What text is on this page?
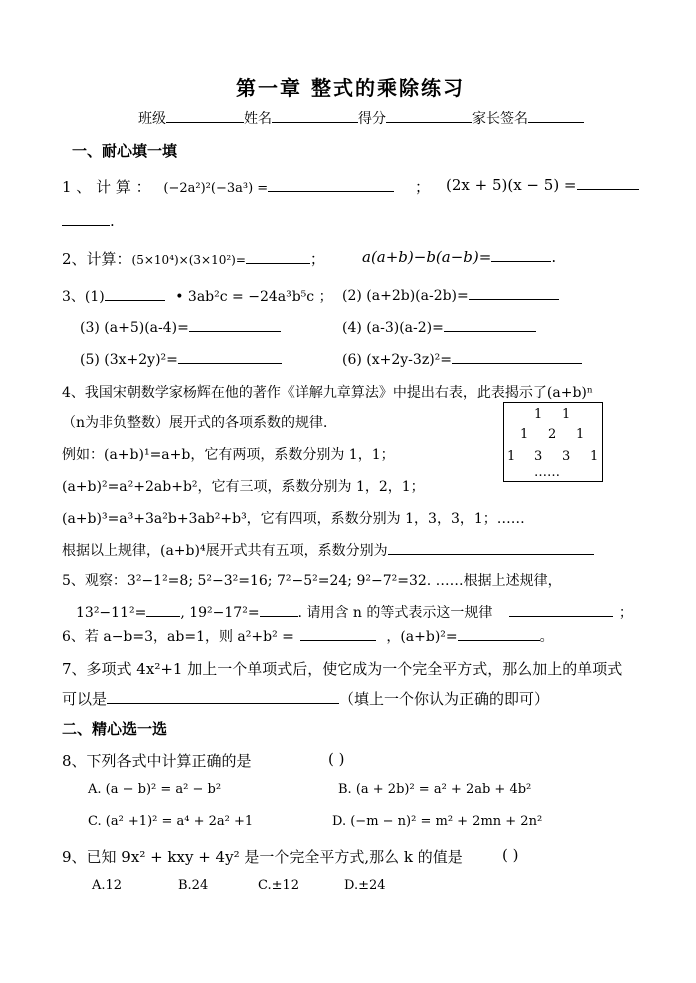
第一章 整式的乘除练习
班级	姓名	得分	家长签名
一、耐心填一填
1 、 计 算 ： (−2a²)²(−3a³) =	； (2x + 5)(x − 5) =
.
2、计算：(5×10⁴)×(3×10²)=	； a(a+b)−b(a−b)=	.
3、(1)	• 3ab²c = −24a³b⁵c ； (2) (a+2b)(a-2b)=
(3) (a+5)(a-4)=	(4) (a-3)(a-2)=
(5) (3x+2y)²=	(6) (x+2y-3z)²=
4、我国宋朝数学家杨辉在他的著作《详解九章算法》中提出右表，此表揭示了(a+b)ⁿ
（n为非负整数）展开式的各项系数的规律．
例如：(a+b)¹=a+b，它有两项，系数分别为 1，1；
(a+b)²=a²+2ab+b²，它有三项，系数分别为 1，2，1；
(a+b)³=a³+3a²b+3ab²+b³，它有四项，系数分别为 1，3，3，1；……
根据以上规律，(a+b)⁴展开式共有五项，系数分别为
1 1
1 2 1
1 3 3 1
……
5、观察：3²−1²=8; 5²−3²=16; 7²−5²=24; 9²−7²=32. ……根据上述规律，
13²−11²= , 19²−17²=	. 请用含 n 的等式表示这一规律	；
6、若 a−b=3，ab=1，则 a²+b² =	，(a+b)²=	。
7、多项式 4x²+1 加上一个单项式后，使它成为一个完全平方式，那么加上的单项式
可以是	（填上一个你认为正确的即可）
二、精心选一选
8、下列各式中计算正确的是	( )
A. (a − b)² = a² − b²	B. (a + 2b)² = a² + 2ab + 4b²
C. (a² +1)² = a⁴ + 2a² +1	D. (−m − n)² = m² + 2mn + 2n²
9、已知 9x² + kxy + 4y² 是一个完全平方式,那么 k 的值是	( )
A.12	B.24	C.±12	D.±24
